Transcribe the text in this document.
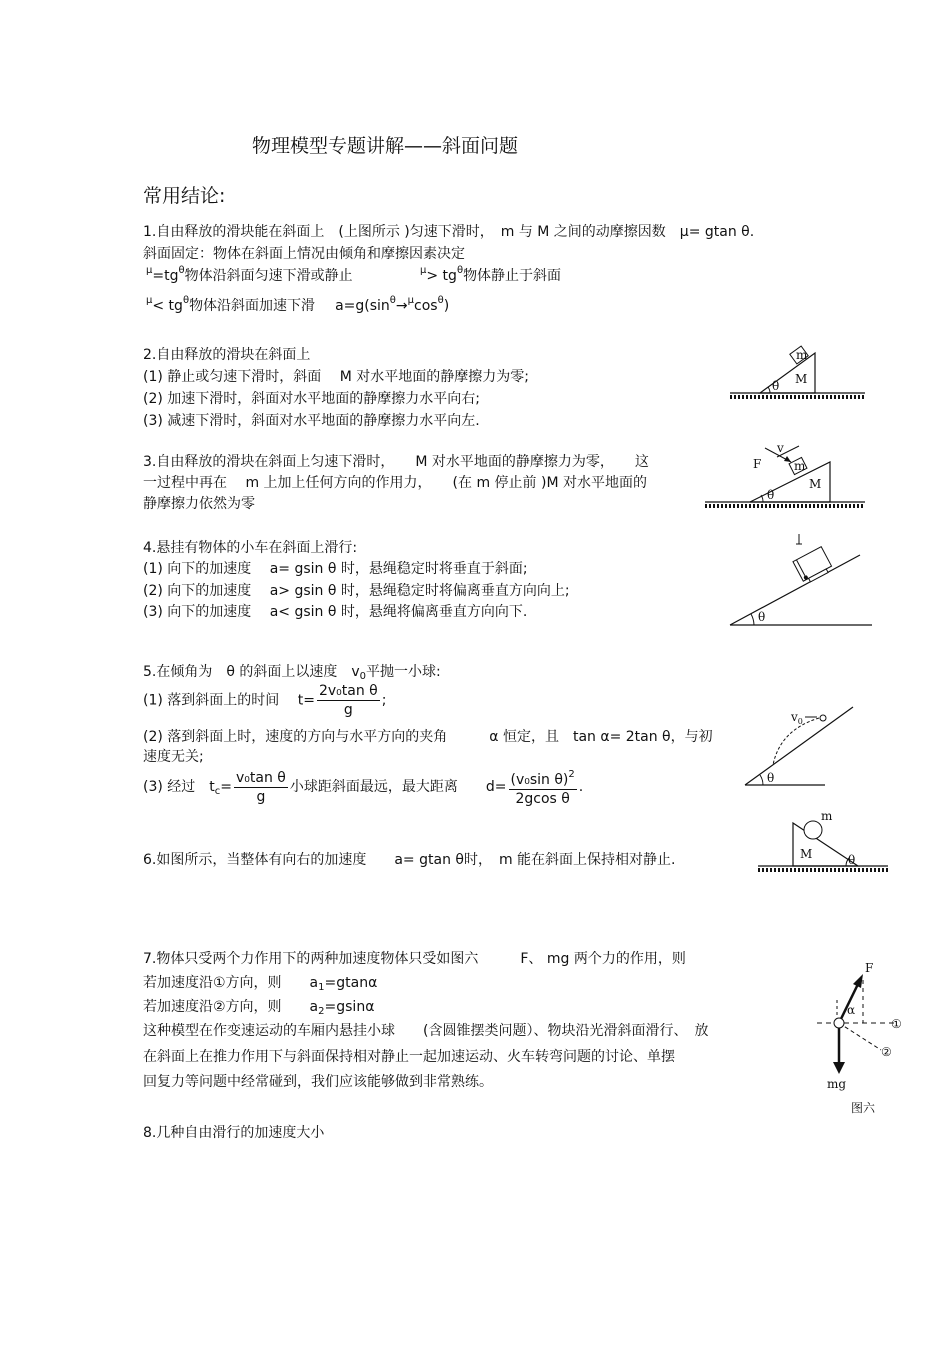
物理模型专题讲解——斜面问题
常用结论:
1.自由释放的滑块能在斜面上　(上图所示 )匀速下滑时，　m 与 M 之间的动摩擦因数　μ= gtan θ.
斜面固定：物体在斜面上情况由倾角和摩擦因素决定
$^\mu=tg^\theta$物体沿斜面匀速下滑或静止	$^\mu> tg^\theta$物体静止于斜面
$^\mu< tg^\theta$物体沿斜面加速下滑 $a=g(\sin^\theta\to^\mu\cos^\theta)$
2.自由释放的滑块在斜面上
(1) 静止或匀速下滑时，斜面　 M 对水平地面的静摩擦力为零;
(2) 加速下滑时，斜面对水平地面的静摩擦力水平向右;
(3) 减速下滑时，斜面对水平地面的静摩擦力水平向左.
m
M
θ
3.自由释放的滑块在斜面上匀速下滑时，　　M 对水平地面的静摩擦力为零，　　这
一过程中再在　 m 上加上任何方向的作用力，　　(在 m 停止前 )M 对水平地面的
静摩擦力依然为零
m
M
F
v
θ
4.悬挂有物体的小车在斜面上滑行:
(1) 向下的加速度　 a= gsin θ 时，悬绳稳定时将垂直于斜面;
(2) 向下的加速度　 a> gsin θ 时，悬绳稳定时将偏离垂直方向向上;
(3) 向下的加速度　 a< gsin θ 时，悬绳将偏离垂直方向向下.	θ
5.在倾角为　θ 的斜面上以速度　$v_0$平抛一小球:
(1) 落到斜面上的时间　 $t= \frac{\text{2v₀tan θ}}{g}$ ;
(2) 落到斜面上时，速度的方向与水平方向的夹角　　　α 恒定，且　tan α= 2tan θ，与初
速度无关;
(3) 经过　$t_c= \frac{\text{v₀tan θ}}{g}$ 小球距斜面最远，最大距离　　$d= \frac{(v_0\sin \theta)^2}{\text{2gcos θ}}$ .
$v_0$
θ
6.如图所示，当整体有向右的加速度　　a= gtan θ时，　m 能在斜面上保持相对静止.
m
M	θ
7.物体只受两个力作用下的两种加速度物体只受如图六　　　F、 mg 两个力的作用，则
若加速度沿①方向，则　　$a_1=gtan\alpha$
若加速度沿②方向，则　　$a_2=gsin\alpha$
这种模型在作变速运动的车厢内悬挂小球　　(含圆锥摆类问题）、物块沿光滑斜面滑行、　放
在斜面上在推力作用下与斜面保持相对静止一起加速运动、火车转弯问题的讨论、单摆
回复力等问题中经常碰到，我们应该能够做到非常熟练。
F
α
①
②
mg
图六
8.几种自由滑行的加速度大小
